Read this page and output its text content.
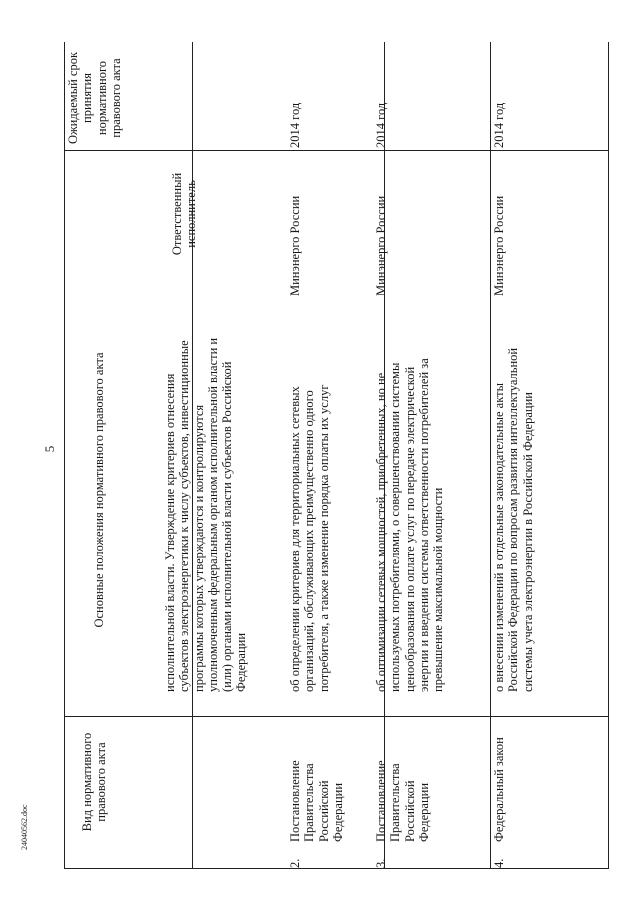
5
24040562.doc
Ожидаемый срок принятия нормативного правового акта
Ответственный исполнитель
Основные положения нормативного правового акта
Вид нормативного правового акта
исполнительной власти. Утверждение критериев отнесения субъектов электроэнергетики к числу субъектов, инвестиционные программы которых утверждаются и контролируются уполномоченным федеральным органом исполнительной власти и (или) органами исполнительной власти субъектов Российской Федерации
2.
Постановление Правительства Российской Федерации
об определении критериев для территориальных сетевых организаций, обслуживающих преимущественно одного потребителя, а также изменение порядка оплаты их услуг
Минэнерго России
2014 год
3.
Постановление Правительства Российской Федерации
об оптимизации сетевых мощностей, приобретенных, но не используемых потребителями, о совершенствовании системы ценообразования по оплате услуг по передаче электрической энергии и введении системы ответственности потребителей за превышение максимальной мощности
Минэнерго России
2014 год
4.
Федеральный закон
о внесении изменений в отдельные законодательные акты Российской Федерации по вопросам развития интеллектуальной системы учета электроэнергии в Российской Федерации
Минэнерго России
2014 год
